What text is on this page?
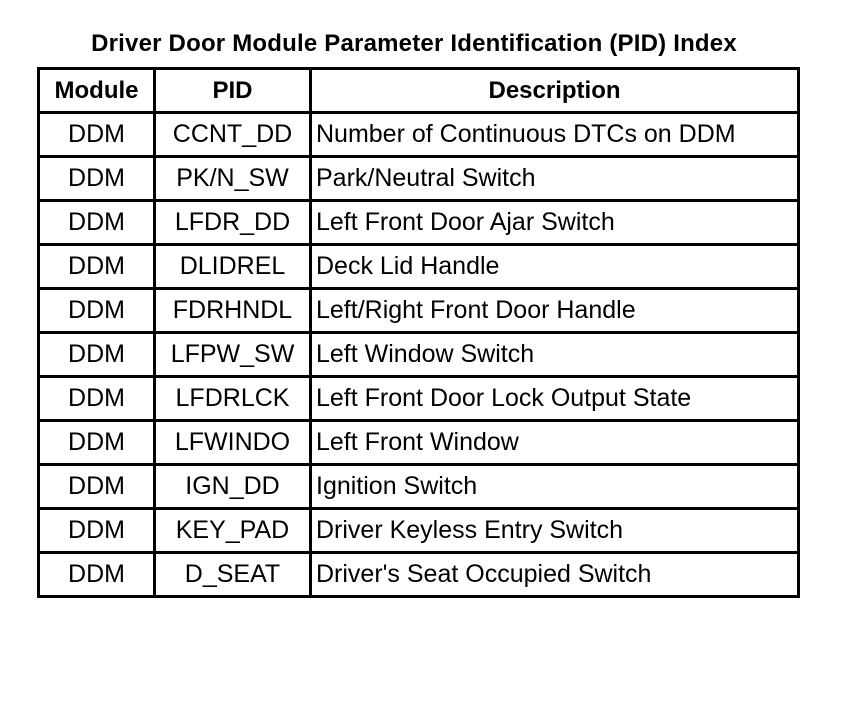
Driver Door Module Parameter Identification (PID) Index
Module	PID	Description
DDM	CCNT_DD	Number of Continuous DTCs on DDM
DDM	PK/N_SW	Park/Neutral Switch
DDM	LFDR_DD	Left Front Door Ajar Switch
DDM	DLIDREL	Deck Lid Handle
DDM	FDRHNDL	Left/Right Front Door Handle
DDM	LFPW_SW	Left Window Switch
DDM	LFDRLCK	Left Front Door Lock Output State
DDM	LFWINDO	Left Front Window
DDM	IGN_DD	Ignition Switch
DDM	KEY_PAD	Driver Keyless Entry Switch
DDM	D_SEAT	Driver's Seat Occupied Switch
